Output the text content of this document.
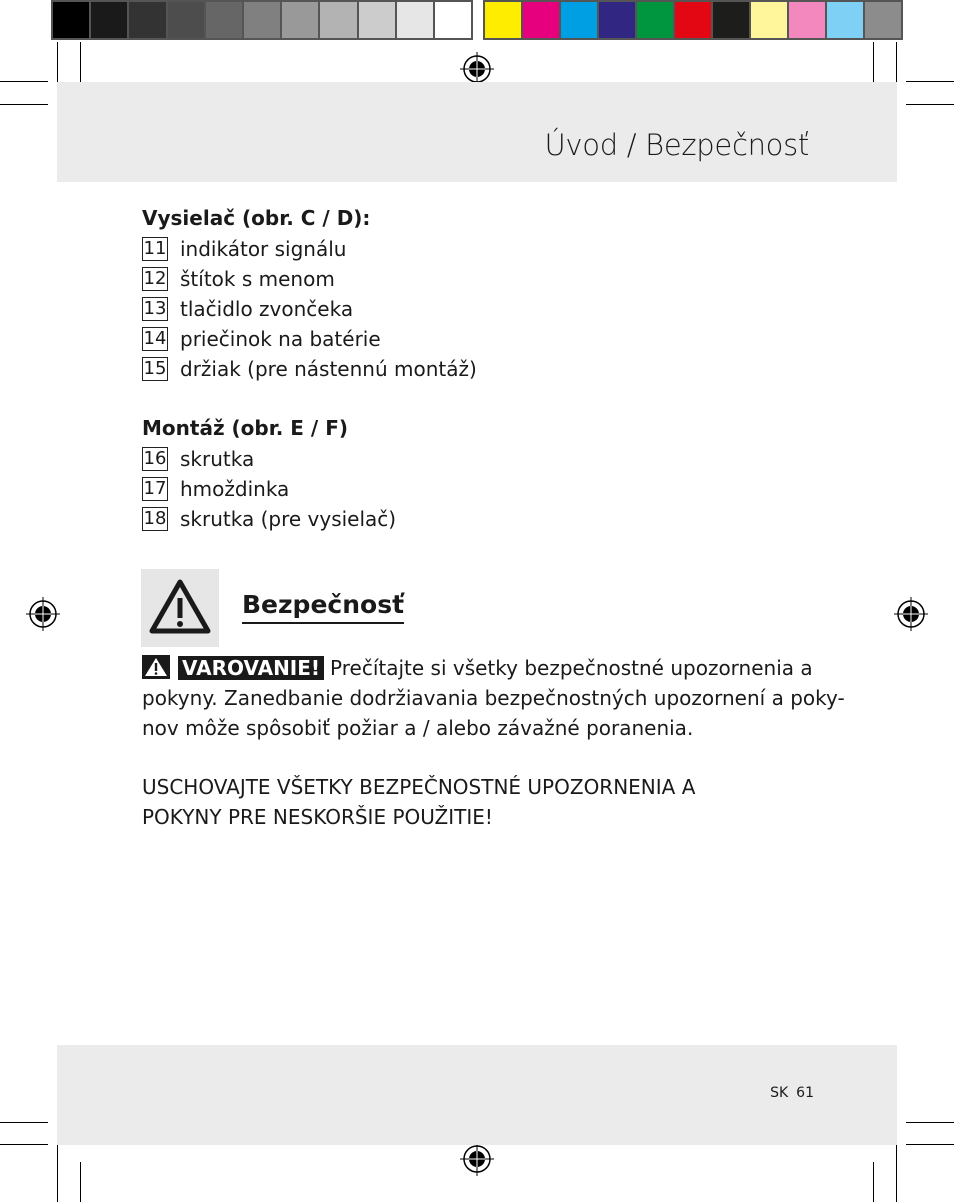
Úvod / Bezpečnosť
Vysielač (obr. C / D):
11 indikátor signálu
12 štítok s menom
13 tlačidlo zvončeka
14 priečinok na batérie
15 držiak (pre nástennú montáž)
Montáž (obr. E / F)
16 skrutka
17 hmoždinka
18 skrutka (pre vysielač)
Bezpečnosť

VAROVANIE! Prečítajte si všetky bezpečnostné upozornenia a

pokyny. Zanedbanie dodržiavania bezpečnostných upozornení a poky-

nov môže spôsobiť požiar a / alebo závažné poranenia.

USCHOVAJTE VŠETKY BEZPEČNOSTNÉ UPOZORNENIA A

POKYNY PRE NESKORŠIE POUŽITIE!

SK 61
